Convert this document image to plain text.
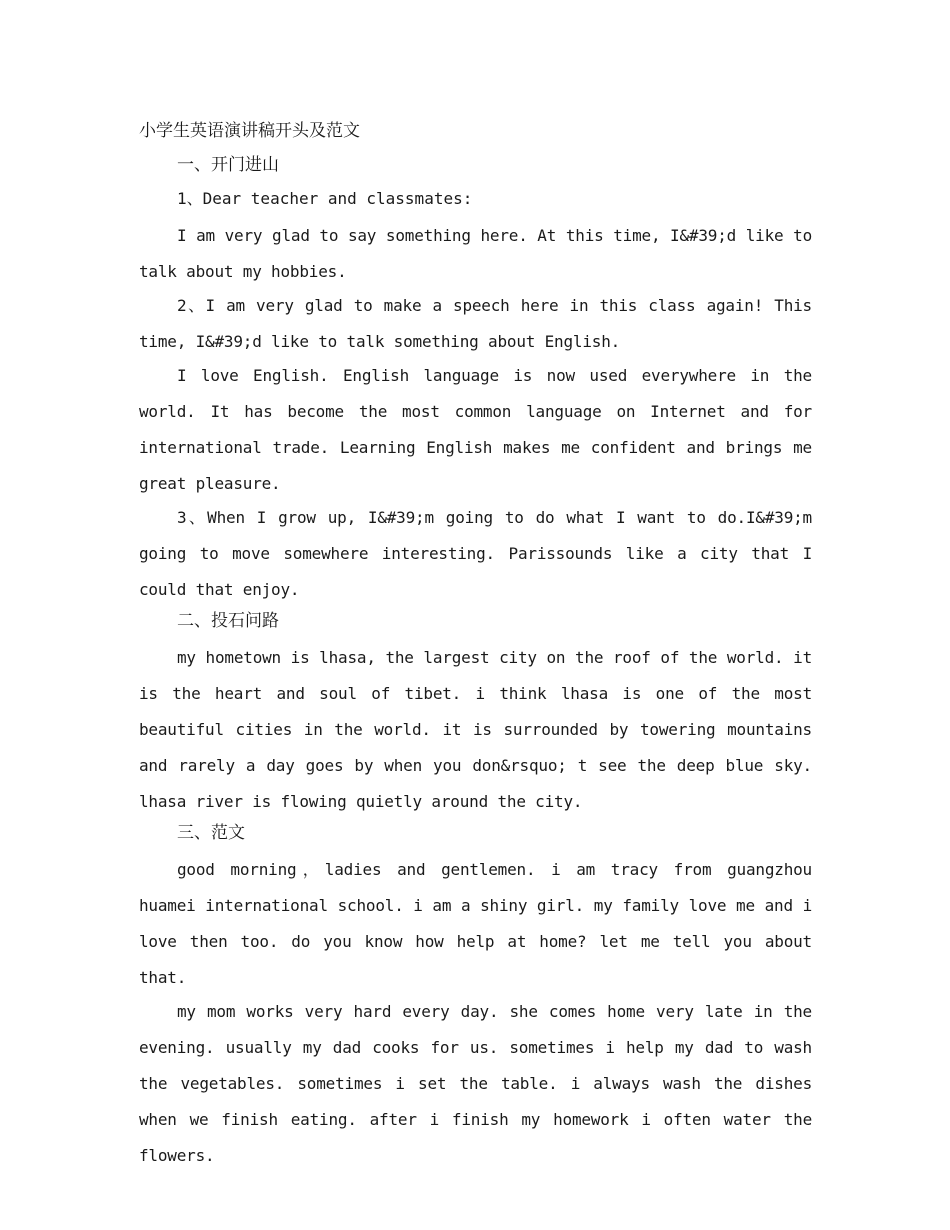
小学生英语演讲稿开头及范文
一、开门进山
1、Dear teacher and classmates:
I am very glad to say something here. At this time, I&#39;d like to talk about my hobbies.
2、I am very glad to make a speech here in this class again! This time, I&#39;d like to talk something about English.
I love English. English language is now used everywhere in the world. It has become the most common language on Internet and for international trade. Learning English makes me confident and brings me great pleasure.
3、When I grow up, I&#39;m going to do what I want to do.I&#39;m going to move somewhere interesting. Parissounds like a city that I could that enjoy.
二、投石问路
my hometown is lhasa, the largest city on the roof of the world. it is the heart and soul of tibet. i think lhasa is one of the most beautiful cities in the world. it is surrounded by towering mountains and rarely a day goes by when you don&rsquo; t see the deep blue sky. lhasa river is flowing quietly around the city.
三、范文
good morning，ladies and gentlemen. i am tracy from guangzhou huamei international school. i am a shiny girl. my family love me and i love then too. do you know how help at home? let me tell you about that.
my mom works very hard every day. she comes home very late in the evening. usually my dad cooks for us. sometimes i help my dad to wash the vegetables. sometimes i set the table. i always wash the dishes when we finish eating. after i finish my homework i often water the flowers.
